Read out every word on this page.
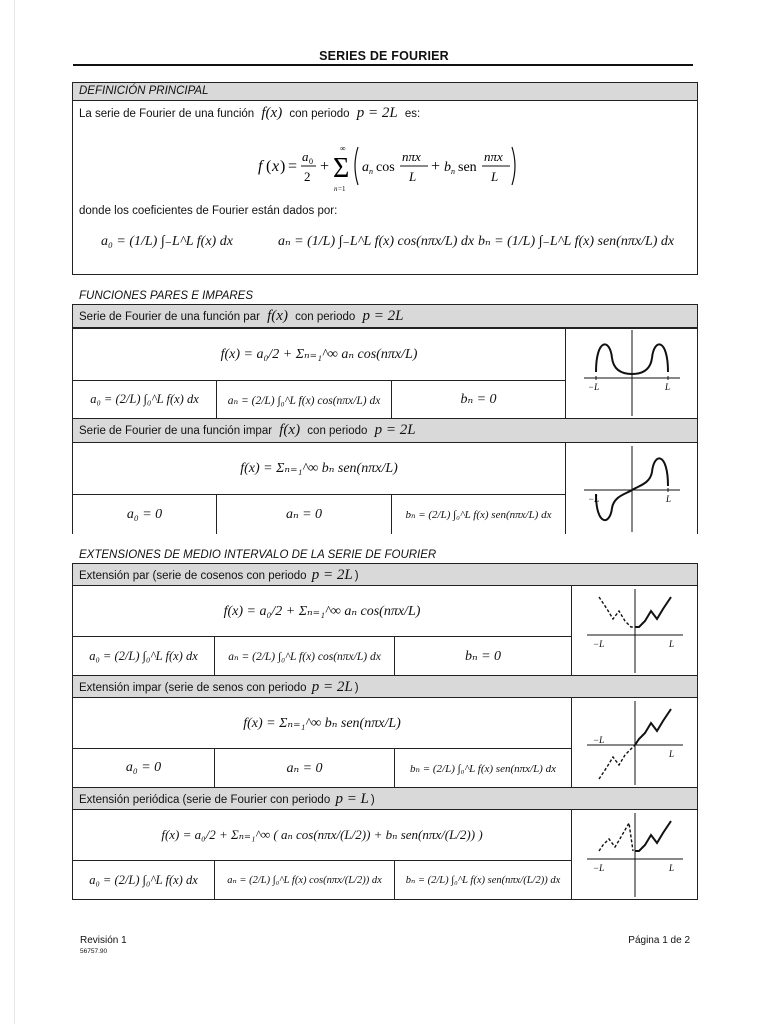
SERIES DE FOURIER
DEFINICIÓN PRINCIPAL
La serie de Fourier de una función f(x) con periodo p = 2L es:
f ( x ) =
a 0
2
+ Σ
∞
n =1
a n cos
nπx
L
+ b n sen
nπx
L
donde los coeficientes de Fourier están dados por:
a₀ = (1/L) ∫₋L^L f(x) dx	aₙ = (1/L) ∫₋L^L f(x) cos(nπx/L) dx bₙ = (1/L) ∫₋L^L f(x) sen(nπx/L) dx
FUNCIONES PARES E IMPARES
Serie de Fourier de una función par f(x) con periodo p = 2L
f(x) = a₀/2 + Σₙ₌₁^∞ aₙ cos(nπx/L)
a₀ = (2/L) ∫₀^L f(x) dx	aₙ = (2/L) ∫₀^L f(x) cos(nπx/L) dx	bₙ = 0
−L	L
Serie de Fourier de una función impar f(x) con periodo p = 2L
f(x) = Σₙ₌₁^∞ bₙ sen(nπx/L)
a₀ = 0	aₙ = 0	bₙ = (2/L) ∫₀^L f(x) sen(nπx/L) dx
−L	L
EXTENSIONES DE MEDIO INTERVALO DE LA SERIE DE FOURIER
Extensión par (serie de cosenos con periodo p = 2L )
f(x) = a₀/2 + Σₙ₌₁^∞ aₙ cos(nπx/L)
a₀ = (2/L) ∫₀^L f(x) dx	aₙ = (2/L) ∫₀^L f(x) cos(nπx/L) dx	bₙ = 0
−L	L
Extensión impar (serie de senos con periodo p = 2L )
f(x) = Σₙ₌₁^∞ bₙ sen(nπx/L)
a₀ = 0	aₙ = 0	bₙ = (2/L) ∫₀^L f(x) sen(nπx/L) dx
−L
L
Extensión periódica (serie de Fourier con periodo p = L )
f(x) = a₀/2 + Σₙ₌₁^∞ ( aₙ cos(nπx/(L/2)) + bₙ sen(nπx/(L/2)) )
a₀ = (2/L) ∫₀^L f(x) dx	aₙ = (2/L) ∫₀^L f(x) cos(nπx/(L/2)) dx bₙ = (2/L) ∫₀^L f(x) sen(nπx/(L/2)) dx
−L	L
Revisión 1
56757.90
Página 1 de 2
